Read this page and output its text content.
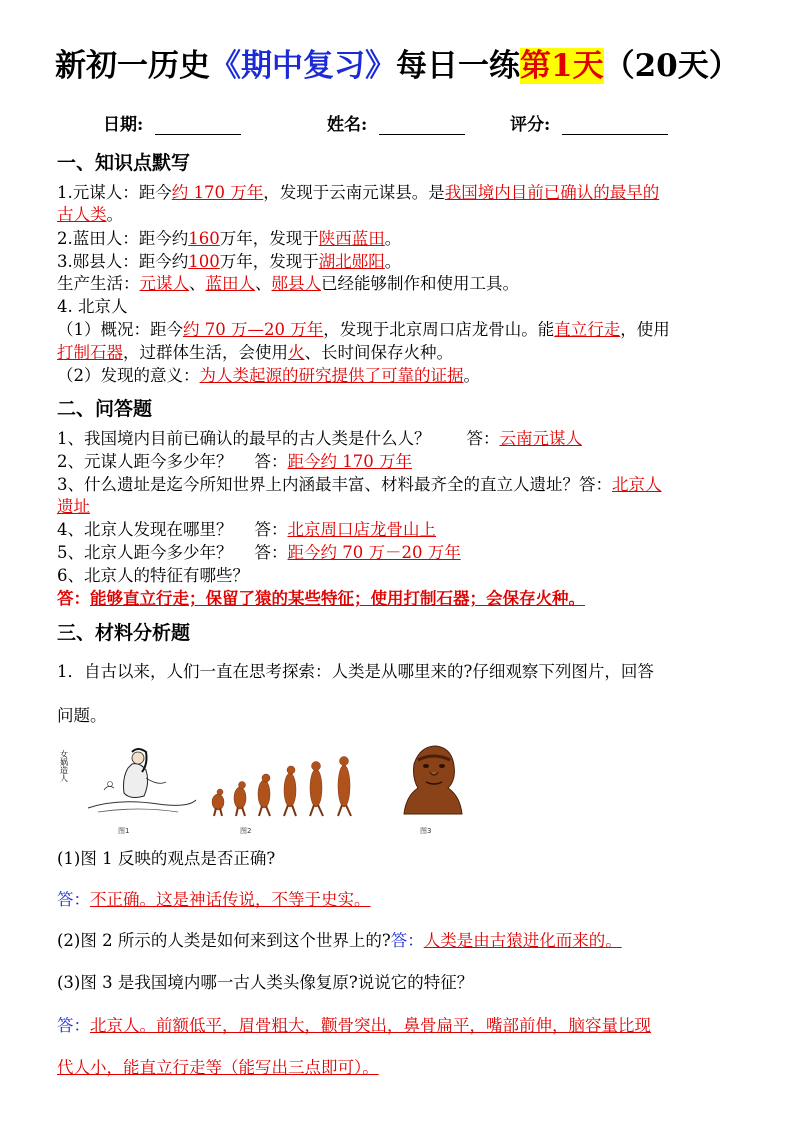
新初一历史《期中复习》每日一练第1天（20天）
日期:	姓名:	评分:
一、知识点默写
1.元谋人：距今约 170 万年，发现于云南元谋县。是我国境内目前已确认的最早的
古人类。
2.蓝田人：距今约160万年，发现于陕西蓝田。
3.郧县人：距今约100万年，发现于湖北郧阳。
生产生活：元谋人、蓝田人、郧县人已经能够制作和使用工具。
4. 北京人
（1）概况：距今约 70 万—20 万年，发现于北京周口店龙骨山。能直立行走，使用
打制石器，过群体生活，会使用火、长时间保存火种。
（2）发现的意义：为人类起源的研究提供了可靠的证据。
二、问答题
1、我国境内目前已确认的最早的古人类是什么人？ 答：云南元谋人
2、元谋人距今多少年？ 答：距今约 170 万年
3、什么遗址是迄今所知世界上内涵最丰富、材料最齐全的直立人遗址？答：北京人
遗址
4、北京人发现在哪里？ 答：北京周口店龙骨山上
5、北京人距今多少年？ 答：距今约 70 万－20 万年
6、北京人的特征有哪些？
答：能够直立行走；保留了猿的某些特征；使用打制石器；会保存火种。
三、材料分析题
1．自古以来，人们一直在思考探索：人类是从哪里来的?仔细观察下列图片，回答
问题。
女娲造人
图1	图2	图3
(1)图 1 反映的观点是否正确?
答：不正确。这是神话传说，不等于史实。
(2)图 2 所示的人类是如何来到这个世界上的?答：人类是由古猿进化而来的。
(3)图 3 是我国境内哪一古人类头像复原?说说它的特征？
答：北京人。前额低平，眉骨粗大，颧骨突出，鼻骨扁平，嘴部前伸，脑容量比现
代人小，能直立行走等（能写出三点即可）。
